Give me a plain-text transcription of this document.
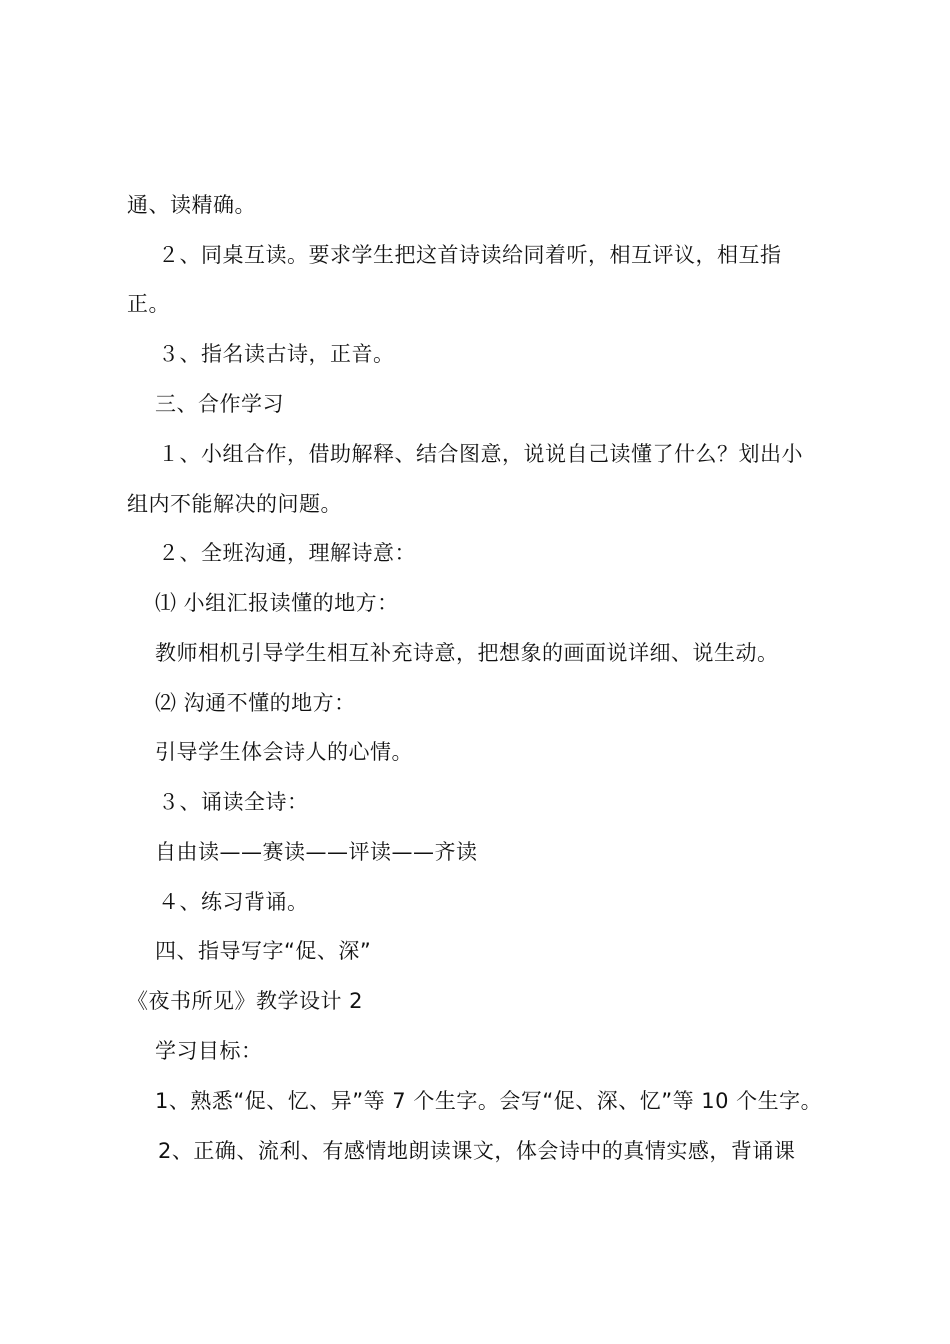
通、读精确。
２、同桌互读。要求学生把这首诗读给同着听，相互评议，相互指
正。
３、指名读古诗，正音。
三、合作学习
１、小组合作，借助解释、结合图意，说说自己读懂了什么？划出小
组内不能解决的问题。
２、全班沟通，理解诗意：
⑴ 小组汇报读懂的地方：
教师相机引导学生相互补充诗意，把想象的画面说详细、说生动。
⑵ 沟通不懂的地方：
引导学生体会诗人的心情。
３、诵读全诗：
自由读——赛读——评读——齐读
４、练习背诵。
四、指导写字“促、深”
《夜书所见》教学设计 2
学习目标：
1、熟悉“促、忆、异”等 7 个生字。会写“促、深、忆”等 10 个生字。
2、正确、流利、有感情地朗读课文，体会诗中的真情实感，背诵课
